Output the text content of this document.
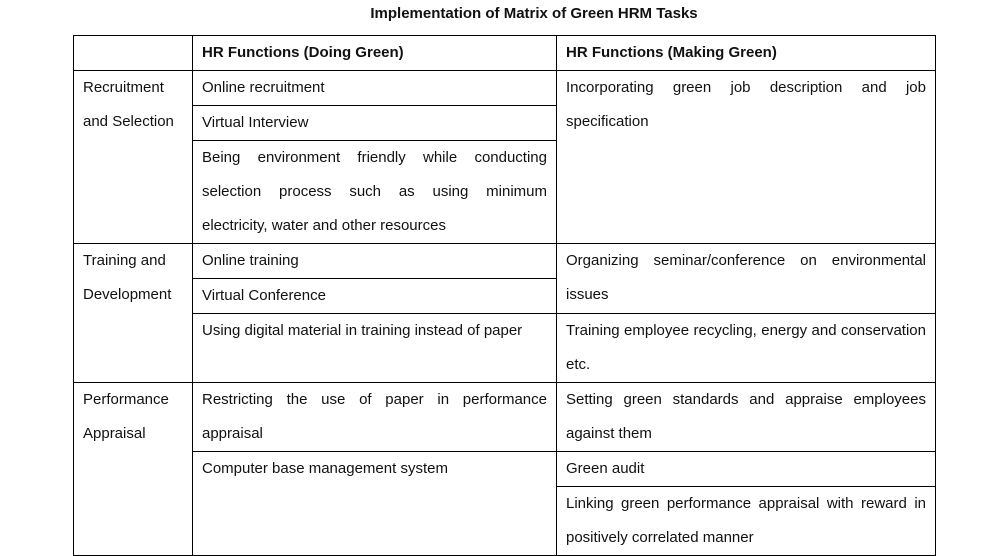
Implementation of Matrix of Green HRM Tasks
	HR Functions (Doing Green)	HR Functions (Making Green)

Recruitment
and Selection	Online recruitment	Incorporating green job description and job specification
	Virtual Interview	
	Being environment friendly while conducting selection process such as using minimum electricity, water and other resources	

Training and
Development	Online training	Organizing seminar/conference on environmental issues
	Virtual Conference	
	Using digital material in training instead of paper	Training employee recycling, energy and conservation etc.

Performance
Appraisal	Restricting the use of paper in performance appraisal	Setting green standards and appraise employees against them
	Computer base management system	Green audit
		Linking green performance appraisal with reward in positively correlated manner
